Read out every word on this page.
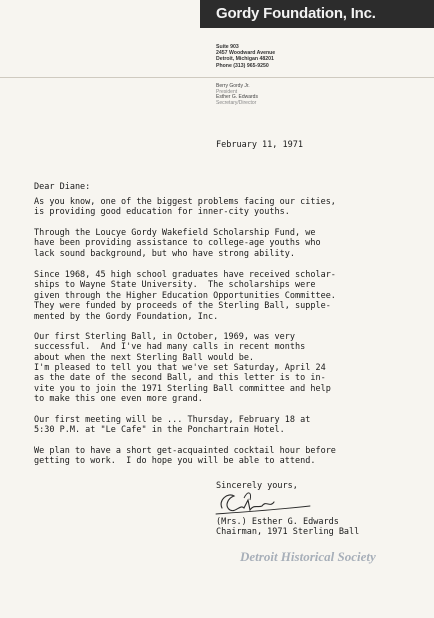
Gordy Foundation, Inc.
Suite 903
2457 Woodward Avenue
Detroit, Michigan 48201
Phone (313) 965-9250
Berry Gordy Jr.
President
Esther G. Edwards
Secretary/Director
February 11, 1971
Dear Diane:
As you know, one of the biggest problems facing our cities,
is providing good education for inner-city youths.
Through the Loucye Gordy Wakefield Scholarship Fund, we
have been providing assistance to college-age youths who
lack sound background, but who have strong ability.
Since 1968, 45 high school graduates have received scholar-
ships to Wayne State University.  The scholarships were
given through the Higher Education Opportunities Committee.
They were funded by proceeds of the Sterling Ball, supple-
mented by the Gordy Foundation, Inc.
Our first Sterling Ball, in October, 1969, was very
successful.  And I've had many calls in recent months
about when the next Sterling Ball would be.
I'm pleased to tell you that we've set Saturday, April 24
as the date of the second Ball, and this letter is to in-
vite you to join the 1971 Sterling Ball committee and help
to make this one even more grand.
Our first meeting will be ... Thursday, February 18 at
5:30 P.M. at "Le Cafe" in the Ponchartrain Hotel.
We plan to have a short get-acquainted cocktail hour before
getting to work.  I do hope you will be able to attend.
Sincerely yours,
(Mrs.) Esther G. Edwards
Chairman, 1971 Sterling Ball
Detroit Historical Society
